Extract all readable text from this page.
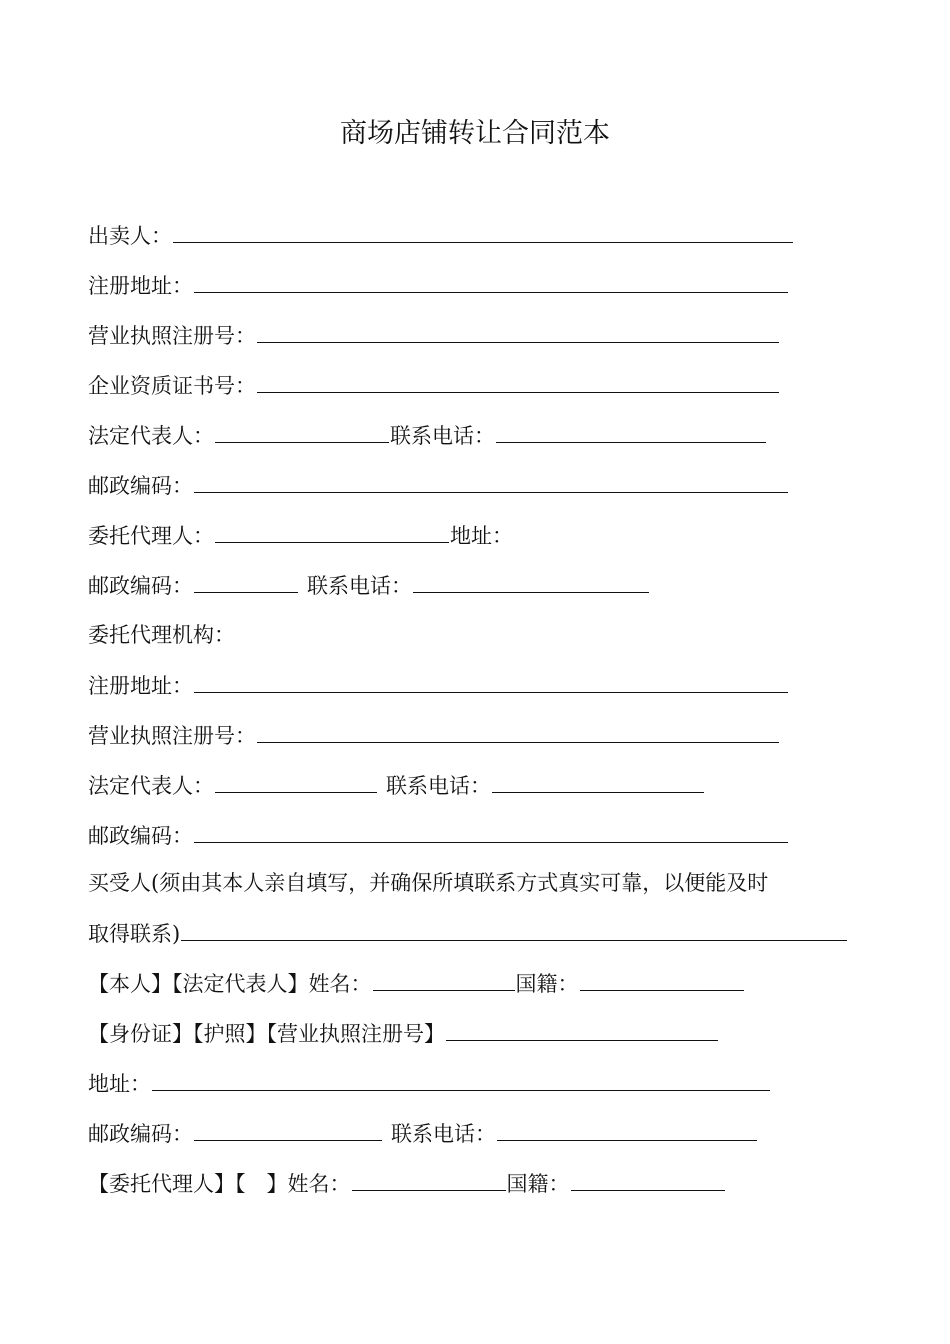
商场店铺转让合同范本
出卖人：
注册地址：
营业执照注册号：
企业资质证书号：
法定代表人：	联系电话：
邮政编码：
委托代理人：	地址：
邮政编码：	联系电话：
委托代理机构：
注册地址：
营业执照注册号：
法定代表人：	联系电话：
邮政编码：
买受人(须由其本人亲自填写，并确保所填联系方式真实可靠，以便能及时
取得联系)
【本人】【法定代表人】姓名：	国籍：
【身份证】【护照】【营业执照注册号】
地址：
邮政编码：	联系电话：
【委托代理人】【　】姓名：	国籍：
